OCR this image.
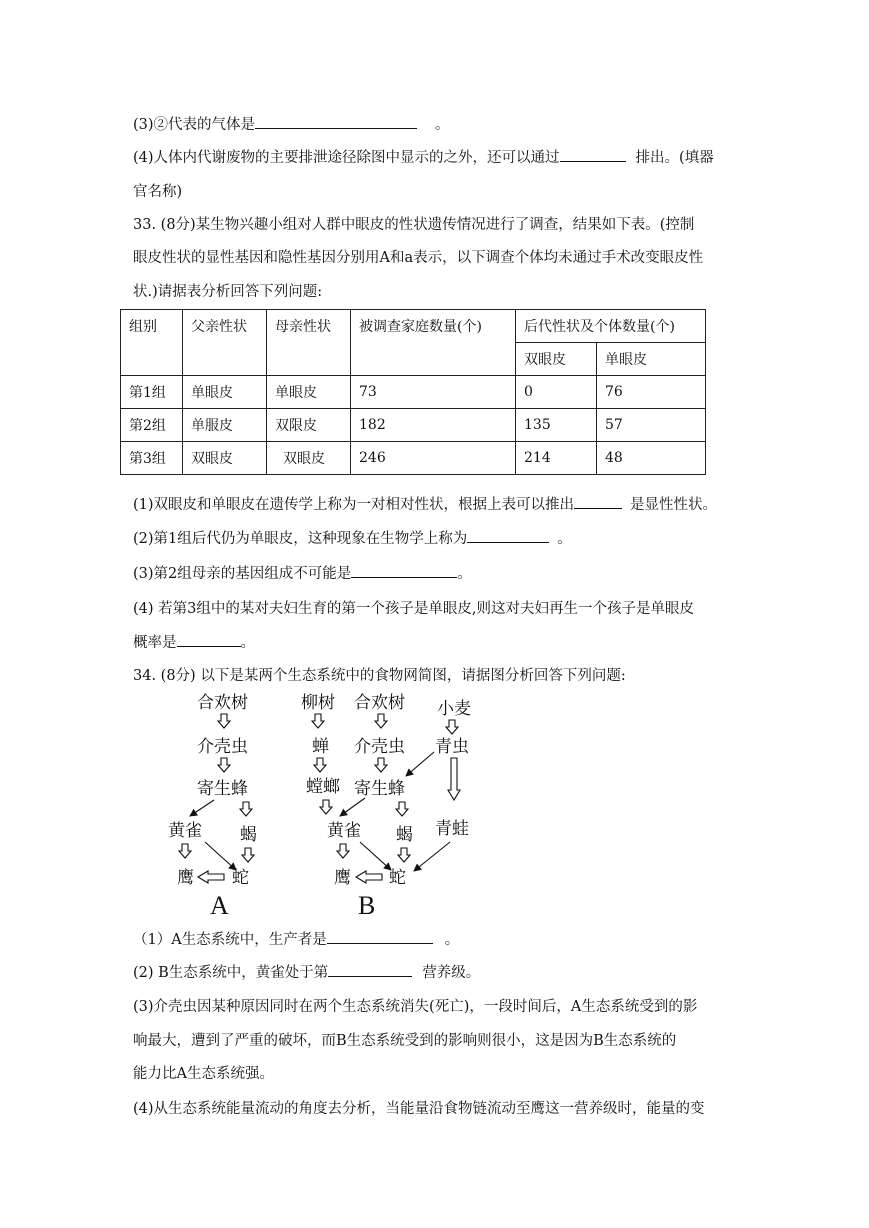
(3)②代表的气体是	。
(4)人体内代谢废物的主要排泄途径除图中显示的之外，还可以通过	排出。(填器
官名称)
33. (8分)某生物兴趣小组对人群中眼皮的性状遗传情况进行了调查，结果如下表。(控制
眼皮性状的显性基因和隐性基因分别用A和a表示，以下调查个体均未通过手术改变眼皮性
状.)请据表分析回答下列问题:
组别	父亲性状	母亲性状	被调查家庭数量(个)	后代性状及个体数量(个)	
				双眼皮	单眼皮
第1组	单眼皮	单眼皮	73	0	76
第2组	单服皮	双限皮	182	135	57
第3组	双眼皮	双眼皮	246	214	48
(1)双眼皮和单眼皮在遗传学上称为一对相对性状，根据上表可以推出	是显性性状。
(2)第1组后代仍为单眼皮，这种现象在生物学上称为	。
(3)第2组母亲的基因组成不可能是	。
(4) 若第3组中的某对夫妇生育的第一个孩子是单眼皮,则这对夫妇再生一个孩子是单眼皮
概率是	。
34. (8分) 以下是某两个生态系统中的食物网简图，请据图分析回答下列问题:
合欢树
介壳虫
寄生蜂
黄雀 蝎
鹰 蛇
A
柳树 合欢树 小麦
蝉 介壳虫 青虫
螳螂 寄生蜂
黄雀 蝎 青蛙
鹰 蛇
B
（1）A生态系统中，生产者是	。
(2) B生态系统中，黄雀处于第	营养级。
(3)介壳虫因某种原因同时在两个生态系统消失(死亡)，一段时间后，A生态系统受到的影
响最大，遭到了严重的破坏，而B生态系统受到的影响则很小，这是因为B生态系统的
能力比A生态系统强。
(4)从生态系统能量流动的角度去分析，当能量沿食物链流动至鹰这一营养级时，能量的变
